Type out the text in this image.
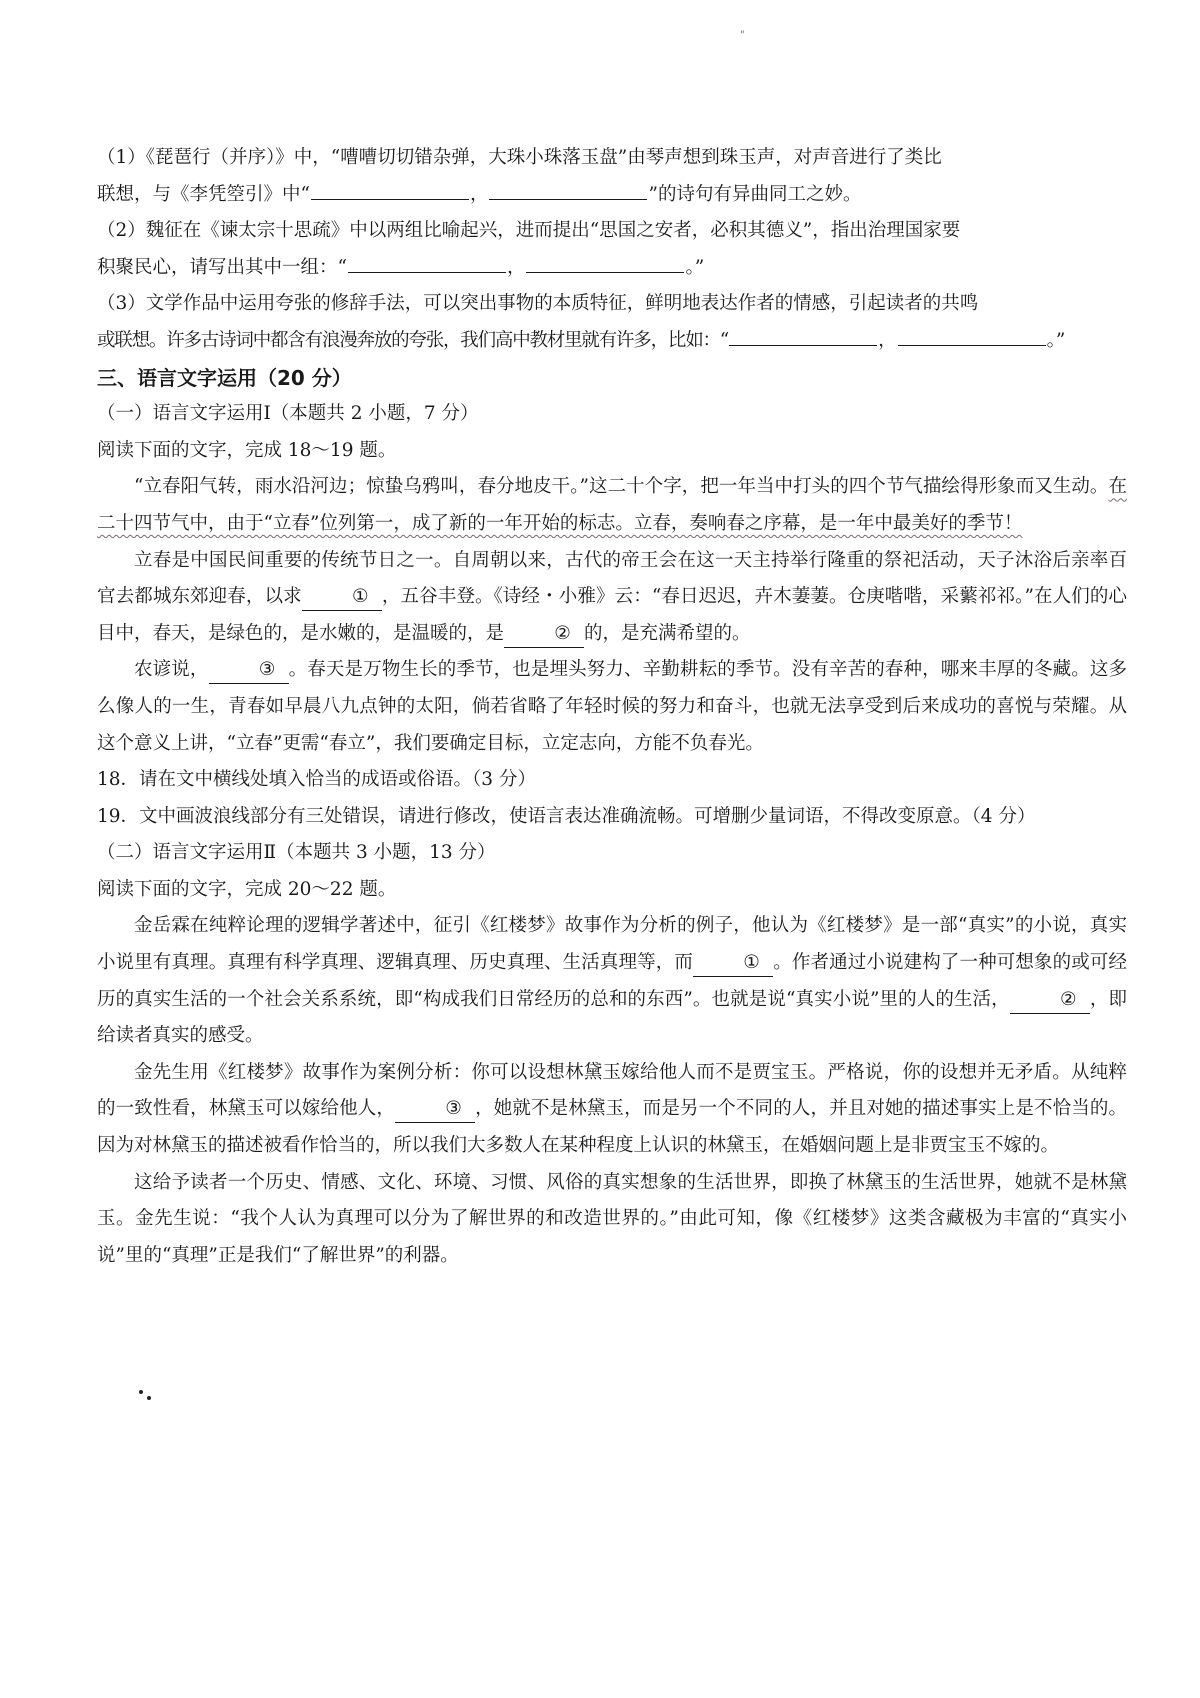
"

（1）《琵琶行（并序）》中，“嘈嘈切切错杂弹，大珠小珠落玉盘”由琴声想到珠玉声，对声音进行了类比
联想，与《李凭箜引》中“	，	”的诗句有异曲同工之妙。

（2）魏征在《谏太宗十思疏》中以两组比喻起兴，进而提出“思国之安者，必积其德义”，指出治理国家要
积聚民心，请写出其中一组：“	，	。”

（3）文学作品中运用夸张的修辞手法，可以突出事物的本质特征，鲜明地表达作者的情感，引起读者的共鸣
或联想。许多古诗词中都含有浪漫奔放的夸张，我们高中教材里就有许多，比如：“	，	。”

三、语言文字运用（20 分）

（一）语言文字运用Ⅰ（本题共 2 小题，7 分）

阅读下面的文字，完成 18～19 题。

“立春阳气转，雨水沿河边；惊蛰乌鸦叫，春分地皮干。”这二十个字，把一年当中打头的四个节气描绘得形象而又生动。在二十四节气中，由于“立春”位列第一，成了新的一年开始的标志。立春，奏响春之序幕，是一年中最美好的季节！

立春是中国民间重要的传统节日之一。自周朝以来，古代的帝王会在这一天主持举行隆重的祭祀活动，天子沐浴后亲率百官去都城东郊迎春，以求	① ，五谷丰登。《诗经・小雅》云：“春日迟迟，卉木萋萋。仓庚喈喈，采蘩祁祁。”在人们的心目中，春天，是绿色的，是水嫩的，是温暖的，是	② 的，是充满希望的。

农谚说，	③ 。春天是万物生长的季节，也是埋头努力、辛勤耕耘的季节。没有辛苦的春种，哪来丰厚的冬藏。这多么像人的一生，青春如早晨八九点钟的太阳，倘若省略了年轻时候的努力和奋斗，也就无法享受到后来成功的喜悦与荣耀。从这个意义上讲，“立春”更需“春立”，我们要确定目标，立定志向，方能不负春光。

18．请在文中横线处填入恰当的成语或俗语。（3 分）

19．文中画波浪线部分有三处错误，请进行修改，使语言表达准确流畅。可增删少量词语，不得改变原意。（4 分）

（二）语言文字运用Ⅱ（本题共 3 小题，13 分）

阅读下面的文字，完成 20～22 题。

金岳霖在纯粹论理的逻辑学著述中，征引《红楼梦》故事作为分析的例子，他认为《红楼梦》是一部“真实”的小说，真实小说里有真理。真理有科学真理、逻辑真理、历史真理、生活真理等，而	① 。作者通过小说建构了一种可想象的或可经历的真实生活的一个社会关系系统，即“构成我们日常经历的总和的东西”。也就是说“真实小说”里的人的生活，	② ，即给读者真实的感受。

金先生用《红楼梦》故事作为案例分析：你可以设想林黛玉嫁给他人而不是贾宝玉。严格说，你的设想并无矛盾。从纯粹的一致性看，林黛玉可以嫁给他人，	③ ，她就不是林黛玉，而是另一个不同的人，并且对她的描述事实上是不恰当的。因为对林黛玉的描述被看作恰当的，所以我们大多数人在某种程度上认识的林黛玉，在婚姻问题上是非贾宝玉不嫁的。

这给予读者一个历史、情感、文化、环境、习惯、风俗的真实想象的生活世界，即换了林黛玉的生活世界，她就不是林黛玉。金先生说：“我个人认为真理可以分为了解世界的和改造世界的。”由此可知，像《红楼梦》这类含藏极为丰富的“真实小说”里的“真理”正是我们“了解世界”的利器。
